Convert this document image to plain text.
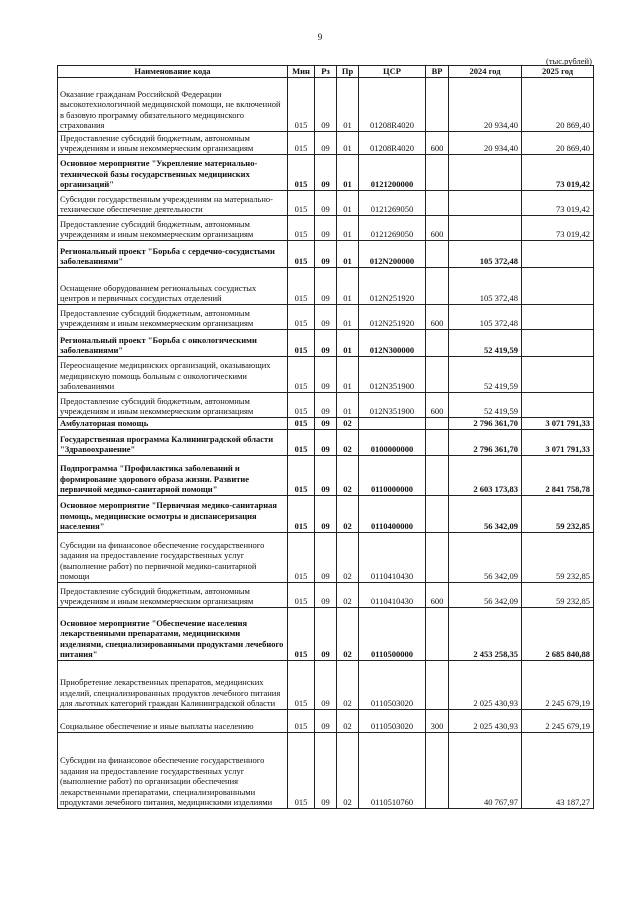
9
(тыс.рублей)
Наименование кода	Мин	Рз	Пр	ЦСР	ВР	2024 год	2025 год
Оказание гражданам Российской Федерации высокотехнологичной медицинской помощи, не включенной в базовую программу обязательного медицинского страхования	015	09	01	01208R4020		20 934,40	20 869,40
Предоставление субсидий бюджетным, автономным учреждениям и иным некоммерческим организациям	015	09	01	01208R4020	600	20 934,40	20 869,40
Основное мероприятие "Укрепление материально-технической базы государственных медицинских организаций"	015	09	01	0121200000			73 019,42
Субсидии государственным учреждениям на материально-техническое обеспечение деятельности	015	09	01	0121269050			73 019,42
Предоставление субсидий бюджетным, автономным учреждениям и иным некоммерческим организациям	015	09	01	0121269050	600		73 019,42
Региональный проект "Борьба с сердечно-сосудистыми заболеваниями"	015	09	01	012N200000		105 372,48	
Оснащение оборудованием региональных сосудистых центров и первичных сосудистых отделений	015	09	01	012N251920		105 372,48	
Предоставление субсидий бюджетным, автономным учреждениям и иным некоммерческим организациям	015	09	01	012N251920	600	105 372,48	
Региональный проект "Борьба с онкологическими заболеваниями"	015	09	01	012N300000		52 419,59	
Переоснащение медицинских организаций, оказывающих медицинскую помощь больным с онкологическими заболеваниями	015	09	01	012N351900		52 419,59	
Предоставление субсидий бюджетным, автономным учреждениям и иным некоммерческим организациям	015	09	01	012N351900	600	52 419,59	
Амбулаторная помощь	015	09	02			2 796 361,70	3 071 791,33
Государственная программа Калининградской области "Здравоохранение"	015	09	02	0100000000		2 796 361,70	3 071 791,33
Подпрограмма "Профилактика заболеваний и формирование здорового образа жизни. Развитие первичной медико-санитарной помощи"	015	09	02	0110000000		2 603 173,83	2 841 758,78
Основное мероприятие "Первичная медико-санитарная помощь, медицинские осмотры и диспансеризация населения"	015	09	02	0110400000		56 342,09	59 232,85
Субсидии на финансовое обеспечение государственного задания на предоставление государственных услуг (выполнение работ) по первичной медико-санитарной помощи	015	09	02	0110410430		56 342,09	59 232,85
Предоставление субсидий бюджетным, автономным учреждениям и иным некоммерческим организациям	015	09	02	0110410430	600	56 342,09	59 232,85
Основное мероприятие "Обеспечение населения лекарственными препаратами, медицинскими изделиями, специализированными продуктами лечебного питания"	015	09	02	0110500000		2 453 258,35	2 685 840,88
Приобретение лекарственных препаратов, медицинских изделий, специализированных продуктов лечебного питания для льготных категорий граждан Калининградской области	015	09	02	0110503020		2 025 430,93	2 245 679,19
Социальное обеспечение и иные выплаты населению	015	09	02	0110503020	300	2 025 430,93	2 245 679,19
Субсидии на финансовое обеспечение государственного задания на предоставление государственных услуг (выполнение работ) по организации обеспечения лекарственными препаратами, специализированными продуктами лечебного питания, медицинскими изделиями	015	09	02	0110510760		40 767,97	43 187,27
